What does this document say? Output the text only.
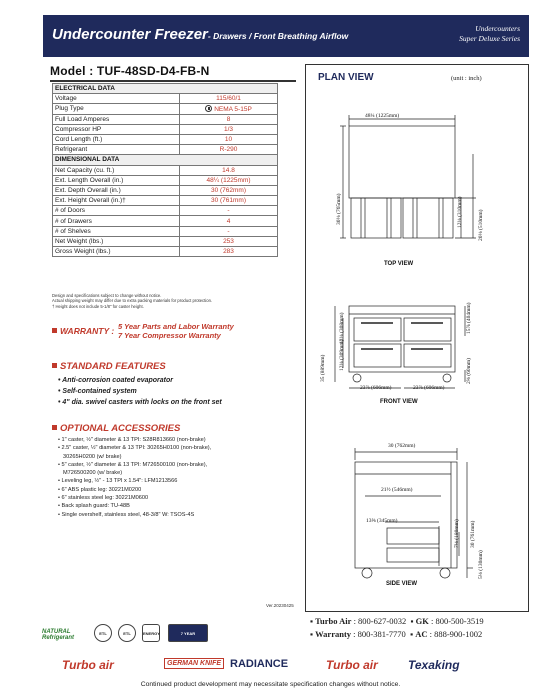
Undercounter Freezer- Drawers / Front Breathing Airflow
Undercounters
Super Deluxe Series
Model : TUF-48SD-D4-FB-N
ELECTRICAL DATA	
Voltage	115/60/1
Plug Type	NEMA 5-15P
Full Load Amperes	8
Compressor HP	1/3
Cord Length (ft.)	10
Refrigerant	R-290
DIMENSIONAL DATA	
Net Capacity (cu. ft.)	14.8
Ext. Length Overall (in.)	48¼ (1225mm)
Ext. Depth Overall (in.)	30 (762mm)
Ext. Height Overall (in.)†	30 (761mm)
# of Doors	-
# of Drawers	4
# of Shelves	-
Net Weight (lbs.)	253
Gross Weight (lbs.)	283
Design and specifications subject to change without notice.
Actual shipping weight may differ due to extra packing materials for product protection.
† Height does not include 5-1/8" for caster height.
WARRANTY : 5 Year Parts and Labor Warranty
7 Year Compressor Warranty
STANDARD FEATURES
• Anti-corrosion coated evaporator
• Self-contained system
• 4" dia. swivel casters with locks on the front set
OPTIONAL ACCESSORIES
• 1" caster, ½" diameter & 13 TPI: S28R813660 (non-brake)
• 2.5" caster, ½" diameter & 13 TPI: 30265H0100 (non-brake),
30265H0200 (w/ brake)
• 5" caster, ½" diameter & 13 TPI: M726500100 (non-brake),
M726500200 (w/ brake)
• Leveling leg, ½" - 13 TPI x 1.54": LFM1213566
• 6" ABS plastic leg: 30221M0200
• 6" stainless steel leg: 30221M0600
• Back splash guard: TU-48B
• Single overshelf, stainless steel, 48-3/8" W: TSOS-4S
Ver.20230425
PLAN VIEW	(unit : inch)
48¼ (1225mm)
30⅛ (765mm)	12⅛ (310mm)	20⅛ (510mm)
TOP VIEW
15⅞ (404mm)
12⅛ (308mm)
12⅛ (309mm)
35 (889mm)
23⅞ (606mm)	23⅞ (606mm)
2⅜ (60mm)
FRONT VIEW
30 (762mm)
21½ (546mm)
13⅝ (345mm)	7⅛ (180mm) 30 (761mm)
5⅛ (130mm)
SIDE VIEW
▪ Turbo Air : 800-627-0032 ▪ GK : 800-500-3519
▪ Warranty : 800-381-7770 ▪ AC : 888-900-1002
NATURAL Refrigerant
ETL	ETL	ENERGY	7 YEAR
Turbo air	GERMAN KNIFE RADIANCE	Turbo air	Texaking
Continued product development may necessitate specification changes without notice.
